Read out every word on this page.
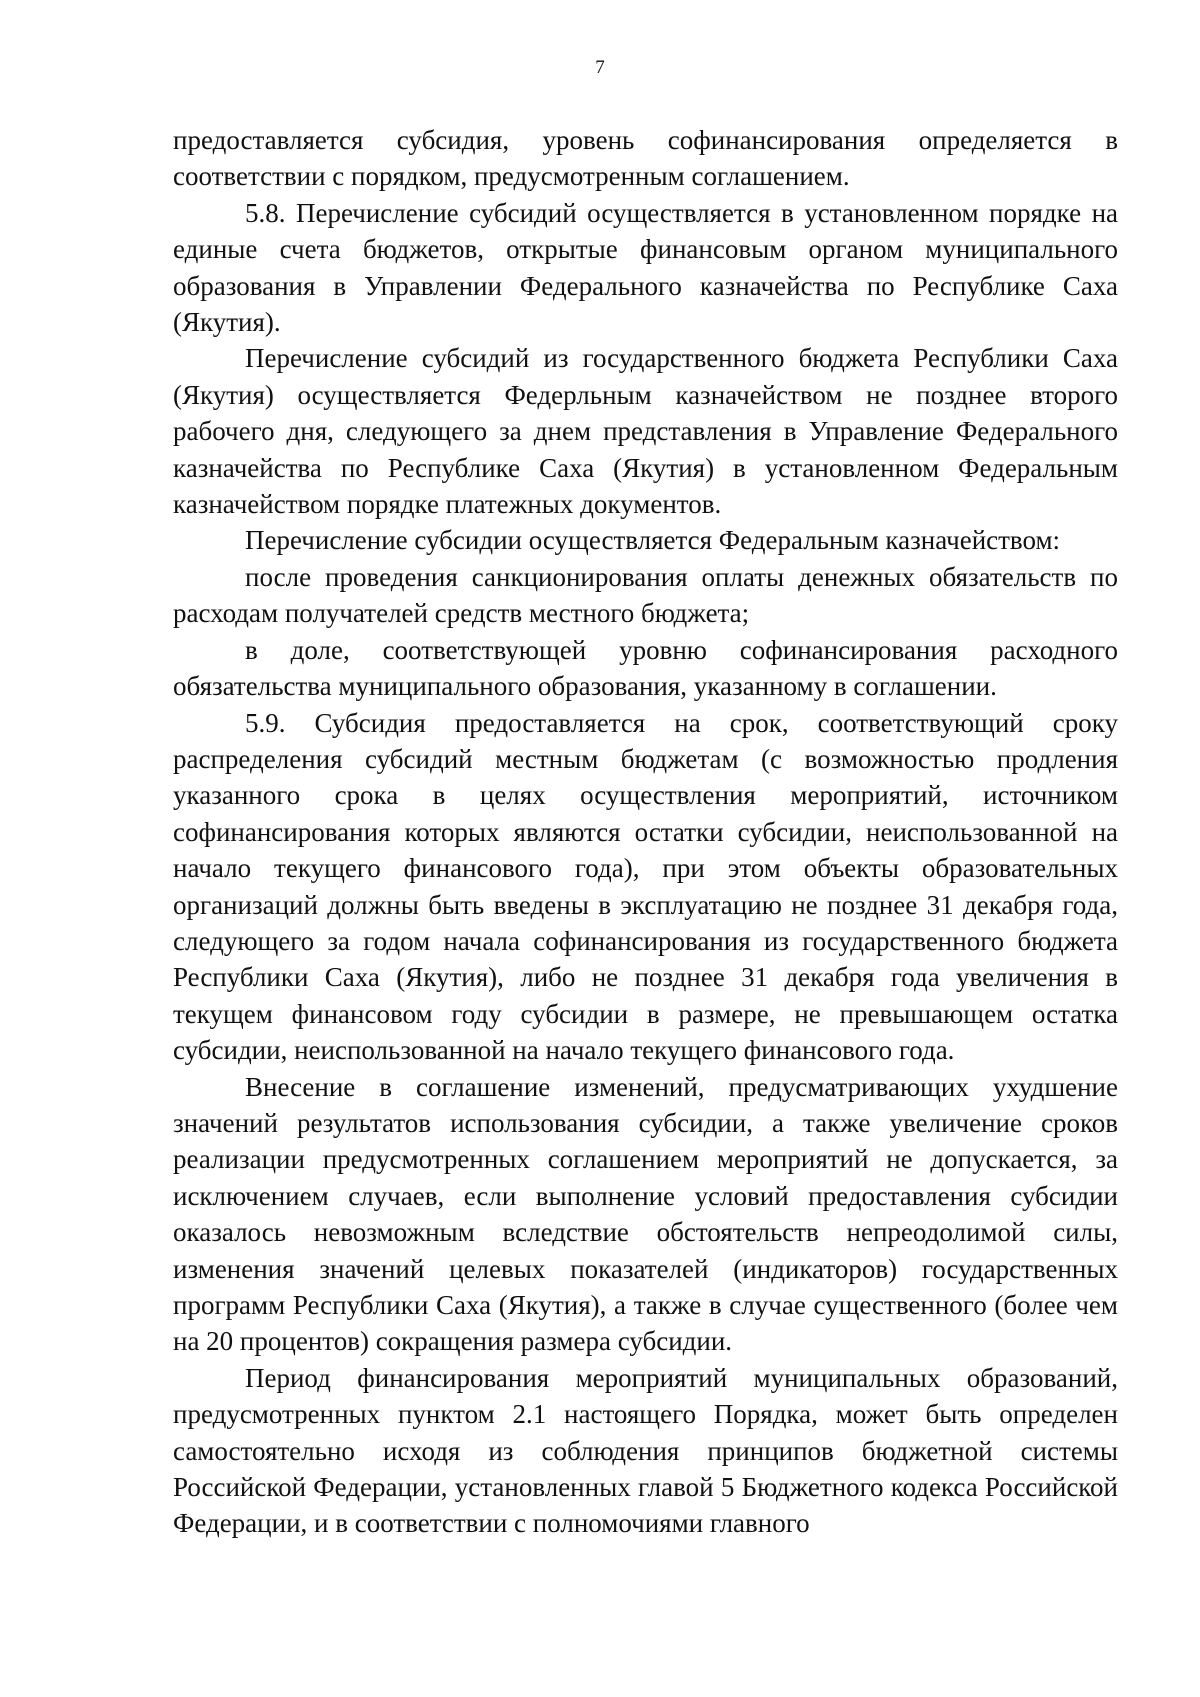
7

предоставляется субсидия, уровень софинансирования определяется в соответствии с порядком, предусмотренным соглашением.

5.8. Перечисление субсидий осуществляется в установленном порядке на единые счета бюджетов, открытые финансовым органом муниципального образования в Управлении Федерального казначейства по Республике Саха (Якутия).

Перечисление субсидий из государственного бюджета Республики Саха (Якутия) осуществляется Федерльным казначейством не позднее второго рабочего дня, следующего за днем представления в Управление Федерального казначейства по Республике Саха (Якутия) в установленном Федеральным казначейством порядке платежных документов.

Перечисление субсидии осуществляется Федеральным казначейством:

после проведения санкционирования оплаты денежных обязательств по расходам получателей средств местного бюджета;

в доле, соответствующей уровню софинансирования расходного обязательства муниципального образования, указанному в соглашении.

5.9. Субсидия предоставляется на срок, соответствующий сроку распределения субсидий местным бюджетам (с возможностью продления указанного срока в целях осуществления мероприятий, источником софинансирования которых являются остатки субсидии, неиспользованной на начало текущего финансового года), при этом объекты образовательных организаций должны быть введены в эксплуатацию не позднее 31 декабря года, следующего за годом начала софинансирования из государственного бюджета Республики Саха (Якутия), либо не позднее 31 декабря года увеличения в текущем финансовом году субсидии в размере, не превышающем остатка субсидии, неиспользованной на начало текущего финансового года.

Внесение в соглашение изменений, предусматривающих ухудшение значений результатов использования субсидии, а также увеличение сроков реализации предусмотренных соглашением мероприятий не допускается, за исключением случаев, если выполнение условий предоставления субсидии оказалось невозможным вследствие обстоятельств непреодолимой силы, изменения значений целевых показателей (индикаторов) государственных программ Республики Саха (Якутия), а также в случае существенного (более чем на 20 процентов) сокращения размера субсидии.

Период финансирования мероприятий муниципальных образований, предусмотренных пунктом 2.1 настоящего Порядка, может быть определен самостоятельно исходя из соблюдения принципов бюджетной системы Российской Федерации, установленных главой 5 Бюджетного кодекса Российской Федерации, и в соответствии с полномочиями главного
